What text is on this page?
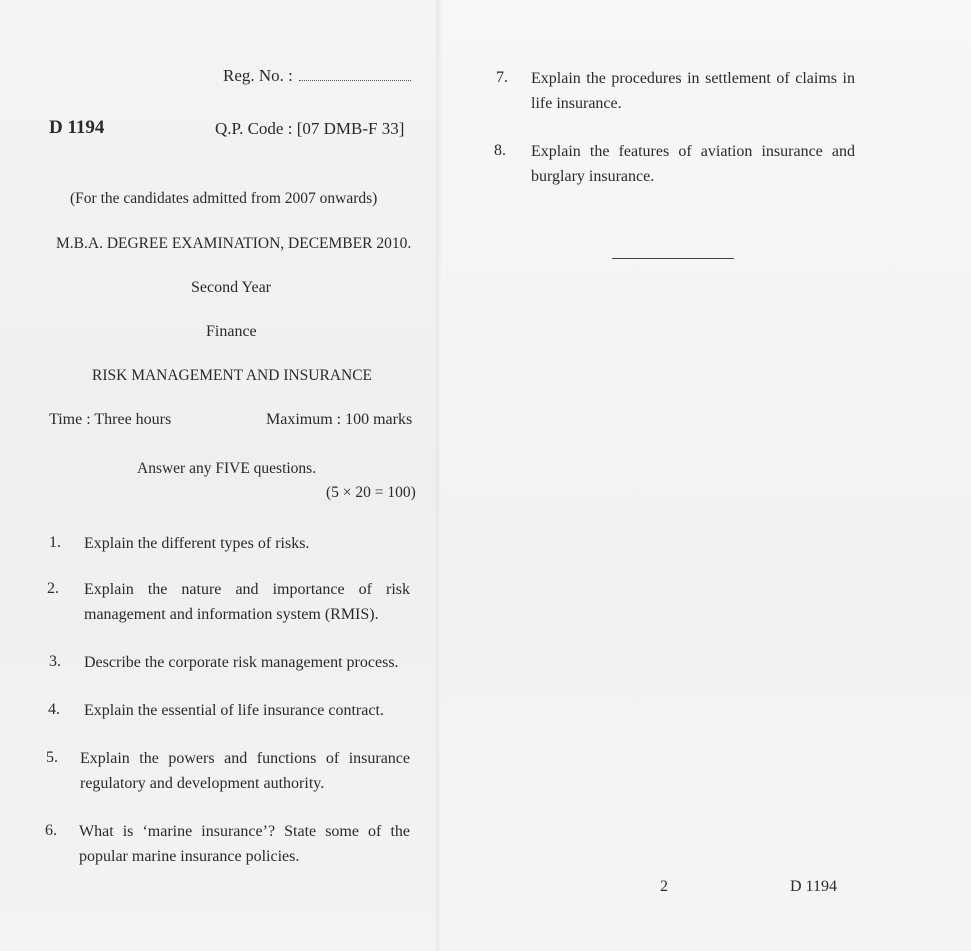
Reg. No. :
D 1194	Q.P. Code : [07 DMB-F 33]
(For the candidates admitted from 2007 onwards)
M.B.A. DEGREE EXAMINATION, DECEMBER 2010.
Second Year
Finance
RISK MANAGEMENT AND INSURANCE
Time : Three hours	Maximum : 100 marks
Answer any FIVE questions.
(5 × 20 = 100)
1. Explain the different types of risks.
2. Explain the nature and importance of risk management and information system (RMIS).
3. Describe the corporate risk management process.
4. Explain the essential of life insurance contract.
5. Explain the powers and functions of insurance regulatory and development authority.
6. What is ‘marine insurance’? State some of the popular marine insurance policies.
7. Explain the procedures in settlement of claims in life insurance.
8. Explain the features of aviation insurance and burglary insurance.
2	D 1194
